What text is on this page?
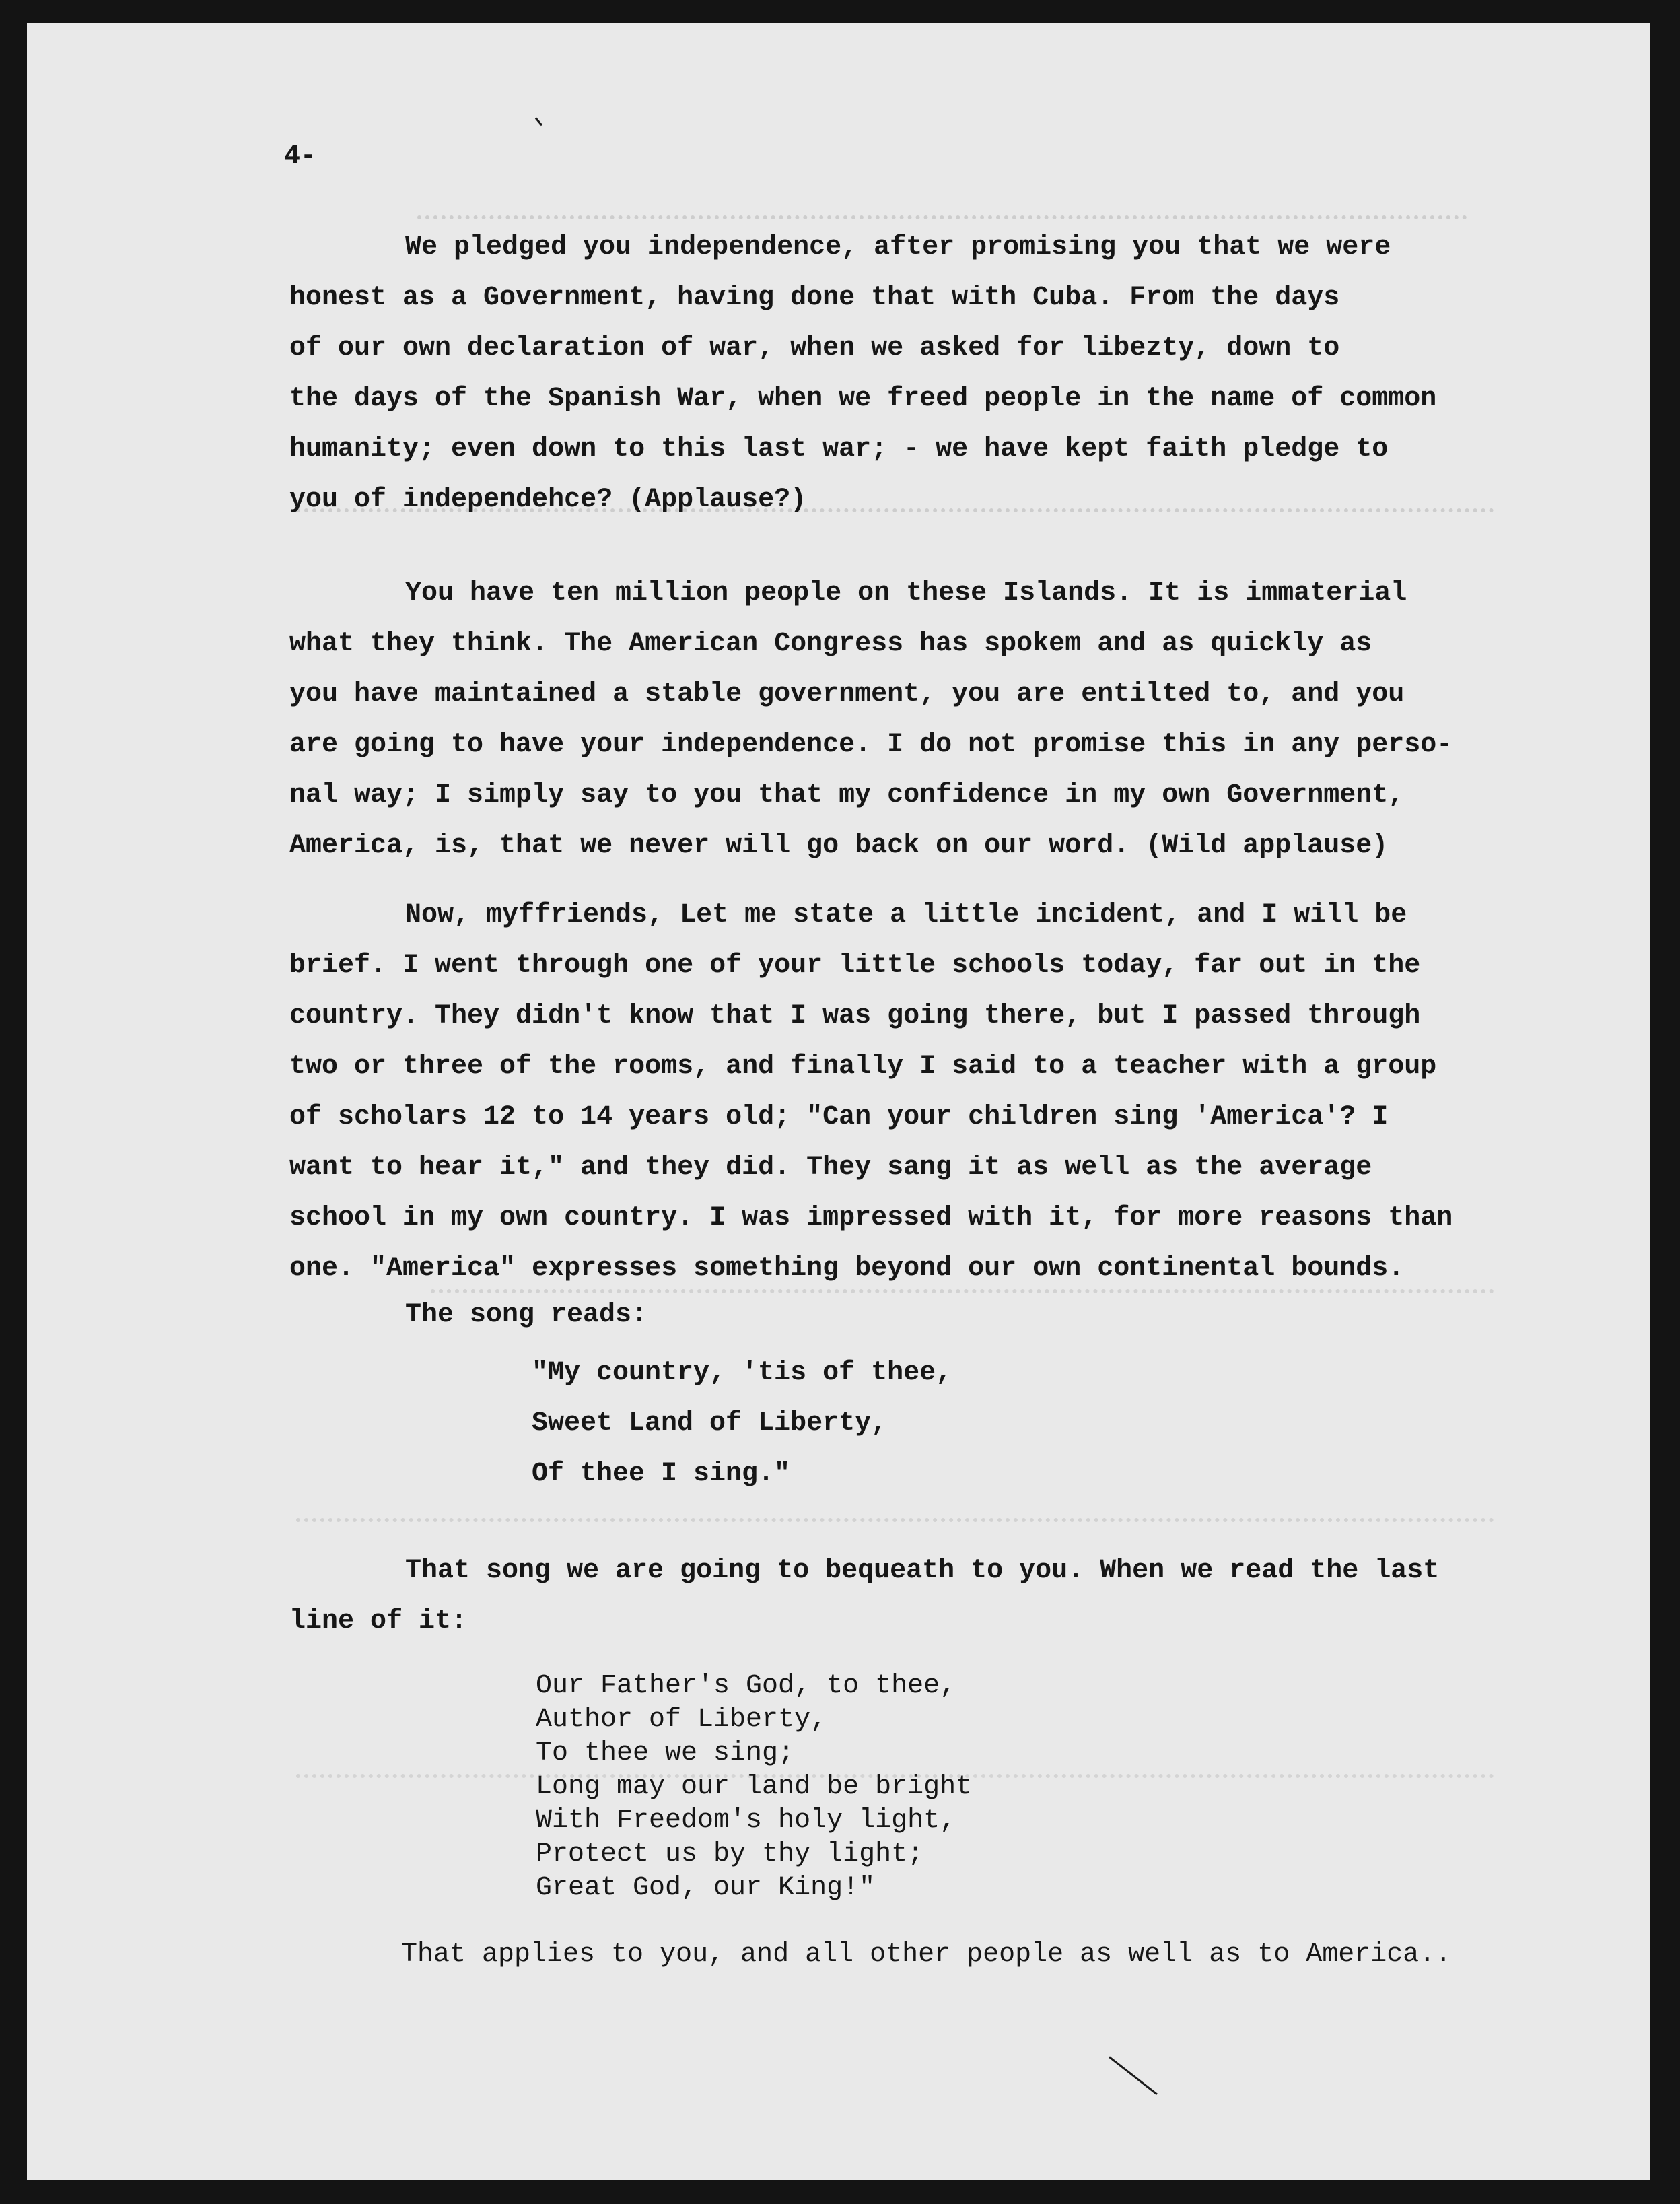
4-
We pledged you independence, after promising you that we were
honest as a Government, having done that with Cuba. From the days
of our own declaration of war, when we asked for libezty, down to
the days of the Spanish War, when we freed people in the name of common
humanity; even down to this last war; - we have kept faith pledge to
you of independehce? (Applause?)
You have ten million people on these Islands. It is immaterial
what they think. The American Congress has spokem and as quickly as
you have maintained a stable government, you are entilted to, and you
are going to have your independence. I do not promise this in any perso-
nal way; I simply say to you that my confidence in my own Government,
America, is, that we never will go back on our word. (Wild applause)
Now, myffriends, Let me state a little incident, and I will be
brief. I went through one of your little schools today, far out in the
country. They didn't know that I was going there, but I passed through
two or three of the rooms, and finally I said to a teacher with a group
of scholars 12 to 14 years old; "Can your children sing 'America'? I
want to hear it," and they did. They sang it as well as the average
school in my own country. I was impressed with it, for more reasons than
one. "America" expresses something beyond our own continental bounds.
The song reads:
"My country, 'tis of thee,
Sweet Land of Liberty,
Of thee I sing."
That song we are going to bequeath to you. When we read the last
line of it:
Our Father's God, to thee,
Author of Liberty,
To thee we sing;
Long may our land be bright
With Freedom's holy light,
Protect us by thy light;
Great God, our King!"
That applies to you, and all other people as well as to America..
